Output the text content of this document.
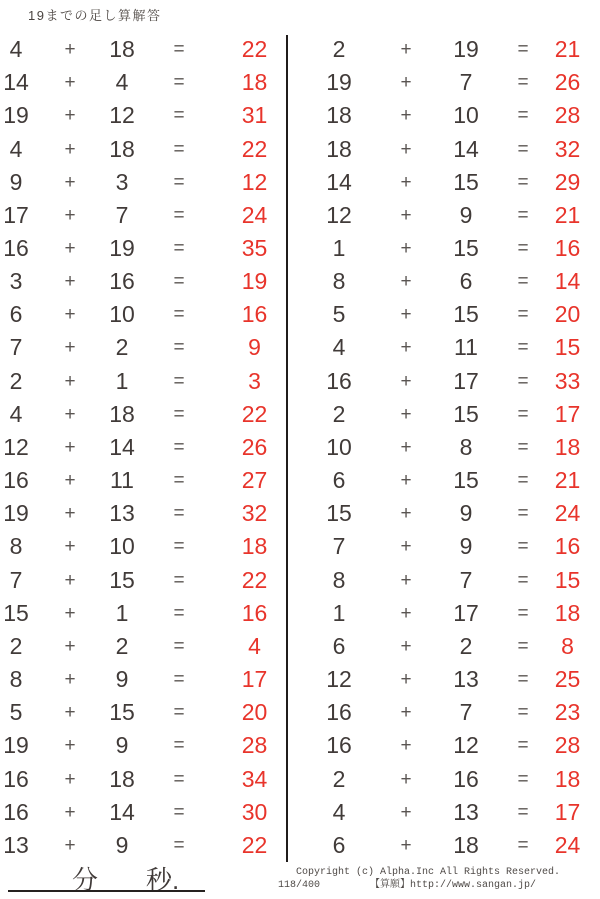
19までの足し算解答
4	+	18	=	22
14	+	4	=	18
19	+	12	=	31
4	+	18	=	22
9	+	3	=	12
17	+	7	=	24
16	+	19	=	35
3	+	16	=	19
6	+	10	=	16
7	+	2	=	9
2	+	1	=	3
4	+	18	=	22
12	+	14	=	26
16	+	11	=	27
19	+	13	=	32
8	+	10	=	18
7	+	15	=	22
15	+	1	=	16
2	+	2	=	4
8	+	9	=	17
5	+	15	=	20
19	+	9	=	28
16	+	18	=	34
16	+	14	=	30
13	+	9	=	22
2	+	19	=	21
19	+	7	=	26
18	+	10	=	28
18	+	14	=	32
14	+	15	=	29
12	+	9	=	21
1	+	15	=	16
8	+	6	=	14
5	+	15	=	20
4	+	11	=	15
16	+	17	=	33
2	+	15	=	17
10	+	8	=	18
6	+	15	=	21
15	+	9	=	24
7	+	9	=	16
8	+	7	=	15
1	+	17	=	18
6	+	2	=	8
12	+	13	=	25
16	+	7	=	23
16	+	12	=	28
2	+	16	=	18
4	+	13	=	17
6	+	18	=	24
分 秒.	Copyright (c) Alpha.Inc All Rights Reserved.
118/400	【算願】http://www.sangan.jp/
